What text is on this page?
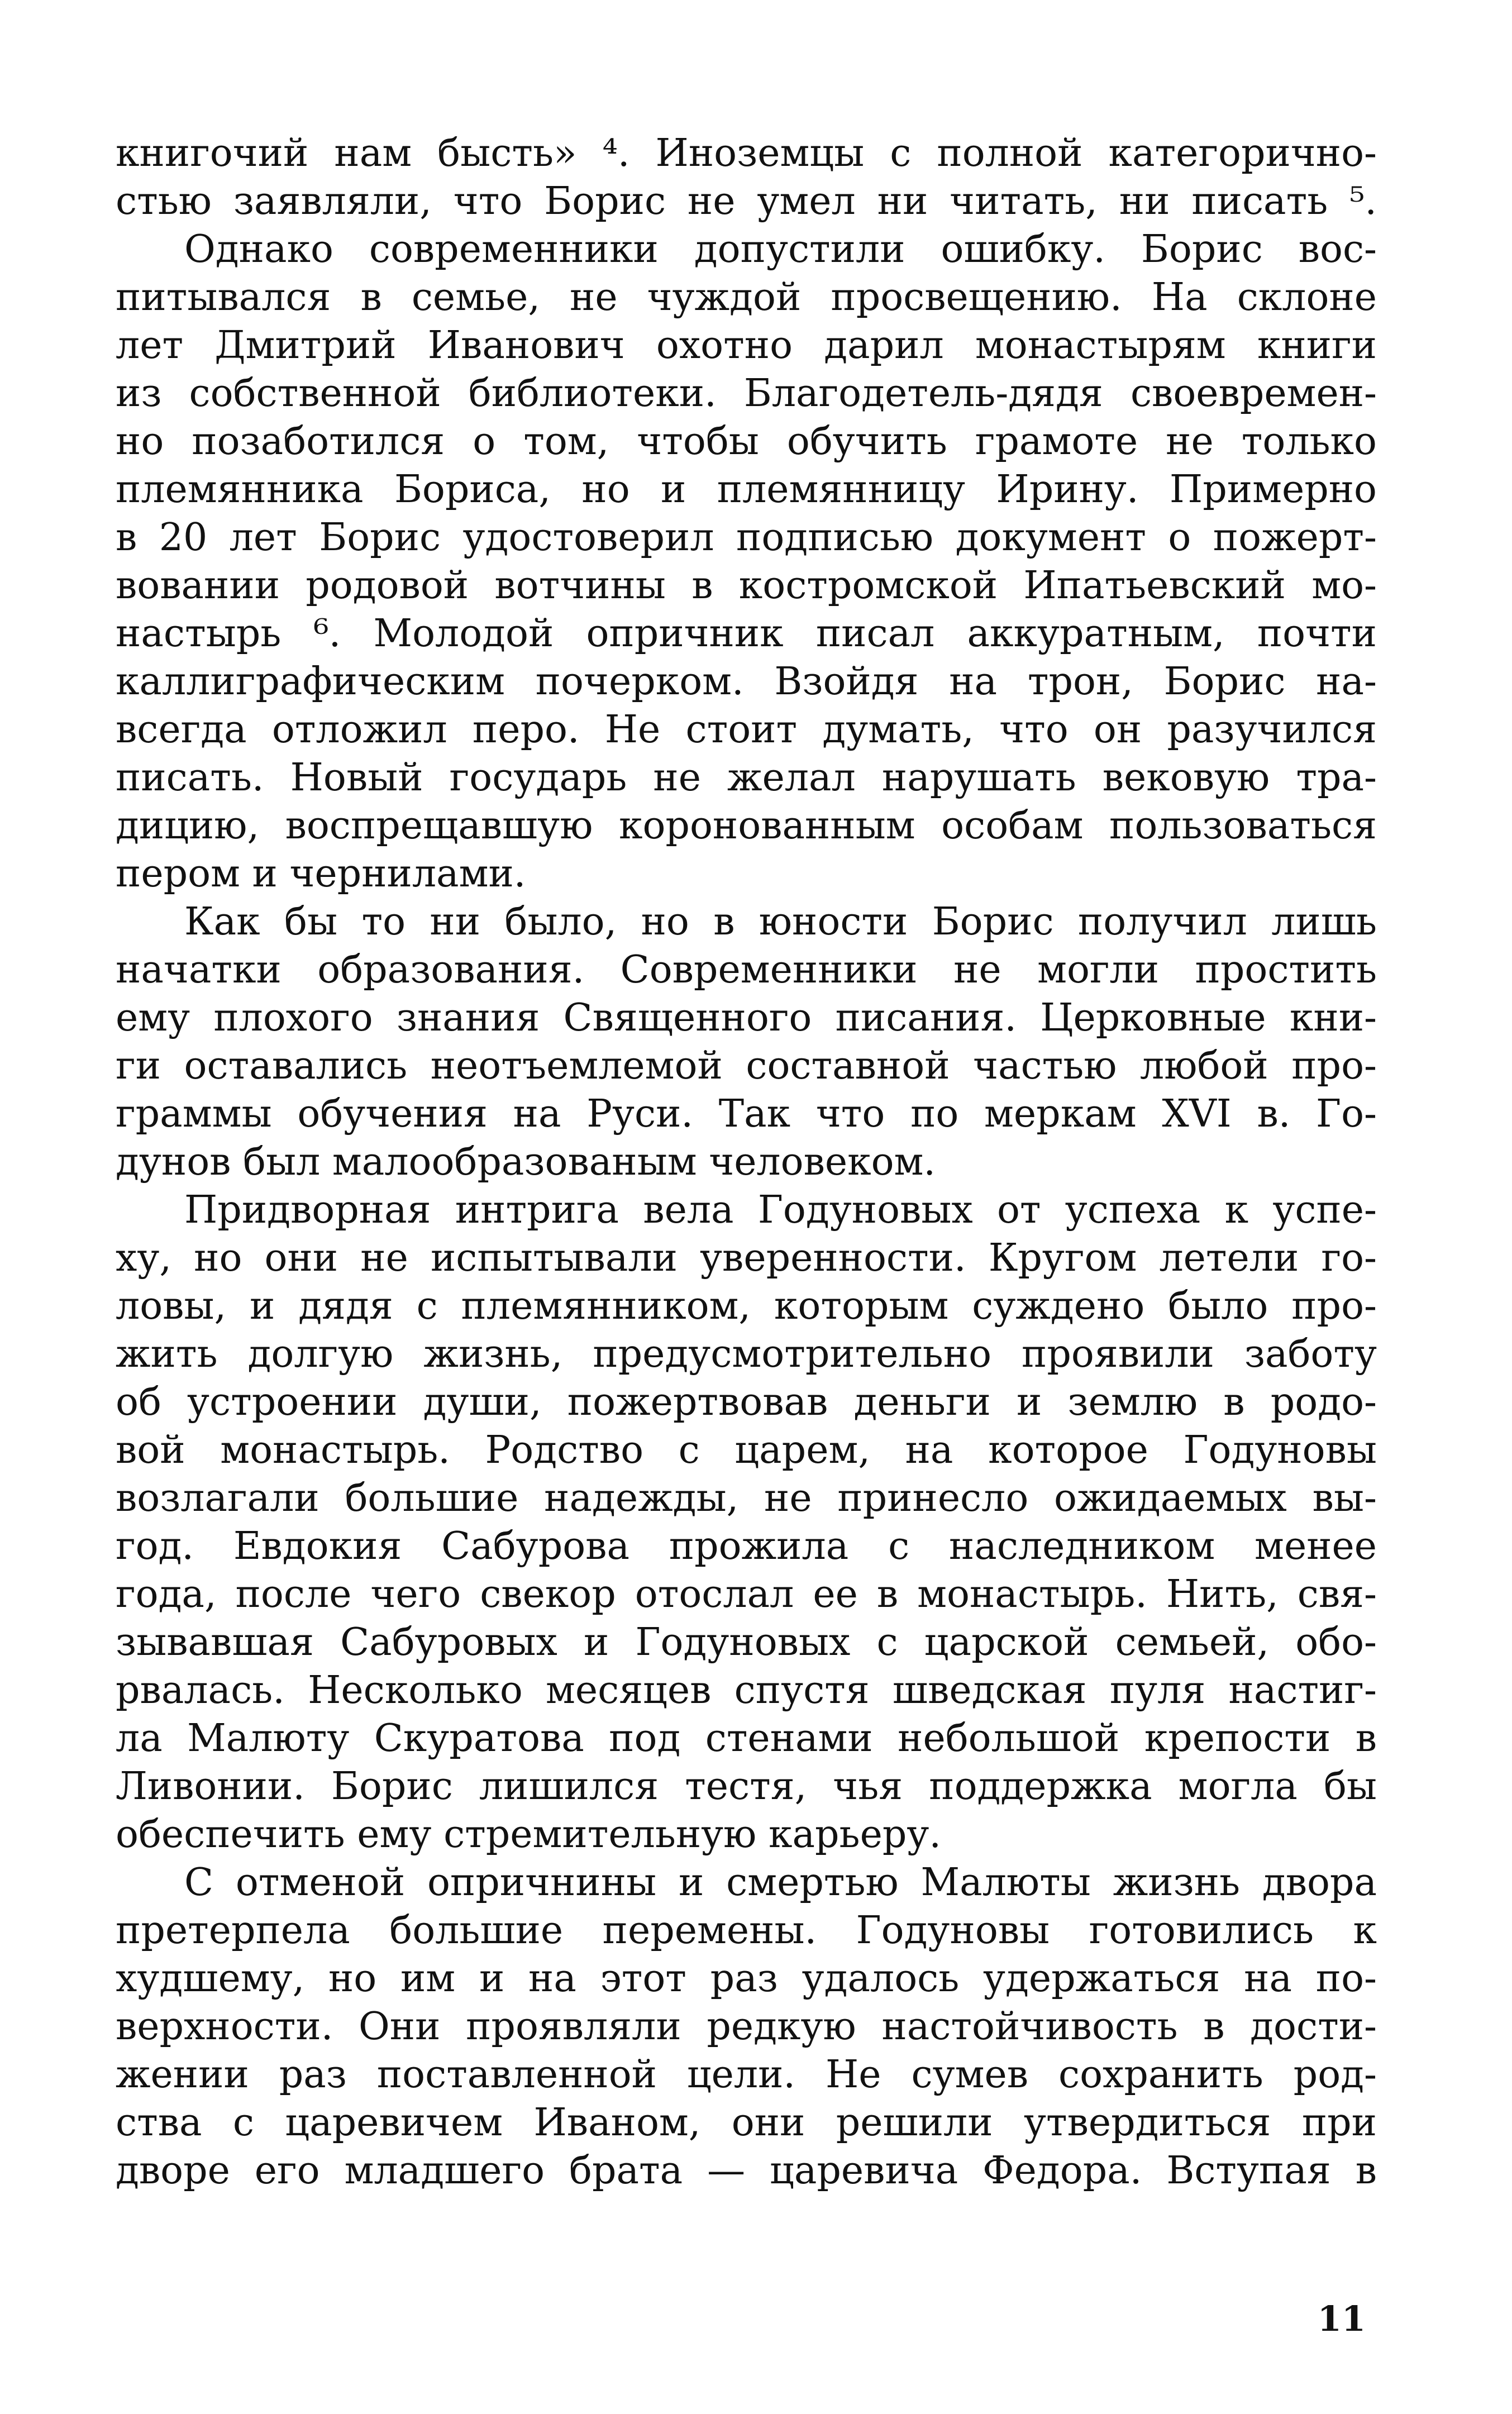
книгочий нам бысть» ⁴. Иноземцы с полной категорично-
стью заявляли, что Борис не умел ни читать, ни писать ⁵.
Однако современники допустили ошибку. Борис вос-
питывался в семье, не чуждой просвещению. На склоне
лет Дмитрий Иванович охотно дарил монастырям книги
из собственной библиотеки. Благодетель-дядя своевремен-
но позаботился о том, чтобы обучить грамоте не только
племянника Бориса, но и племянницу Ирину. Примерно
в 20 лет Борис удостоверил подписью документ о пожерт-
вовании родовой вотчины в костромской Ипатьевский мо-
настырь ⁶. Молодой опричник писал аккуратным, почти
каллиграфическим почерком. Взойдя на трон, Борис на-
всегда отложил перо. Не стоит думать, что он разучился
писать. Новый государь не желал нарушать вековую тра-
дицию, воспрещавшую коронованным особам пользоваться
пером и чернилами.
Как бы то ни было, но в юности Борис получил лишь
начатки образования. Современники не могли простить
ему плохого знания Священного писания. Церковные кни-
ги оставались неотъемлемой составной частью любой про-
граммы обучения на Руси. Так что по меркам XVI в. Го-
дунов был малообразованым человеком.
Придворная интрига вела Годуновых от успеха к успе-
ху, но они не испытывали уверенности. Кругом летели го-
ловы, и дядя с племянником, которым суждено было про-
жить долгую жизнь, предусмотрительно проявили заботу
об устроении души, пожертвовав деньги и землю в родо-
вой монастырь. Родство с царем, на которое Годуновы
возлагали большие надежды, не принесло ожидаемых вы-
год. Евдокия Сабурова прожила с наследником менее
года, после чего свекор отослал ее в монастырь. Нить, свя-
зывавшая Сабуровых и Годуновых с царской семьей, обо-
рвалась. Несколько месяцев спустя шведская пуля настиг-
ла Малюту Скуратова под стенами небольшой крепости в
Ливонии. Борис лишился тестя, чья поддержка могла бы
обеспечить ему стремительную карьеру.
С отменой опричнины и смертью Малюты жизнь двора
претерпела большие перемены. Годуновы готовились к
худшему, но им и на этот раз удалось удержаться на по-
верхности. Они проявляли редкую настойчивость в дости-
жении раз поставленной цели. Не сумев сохранить род-
ства с царевичем Иваном, они решили утвердиться при
дворе его младшего брата — царевича Федора. Вступая в
11
